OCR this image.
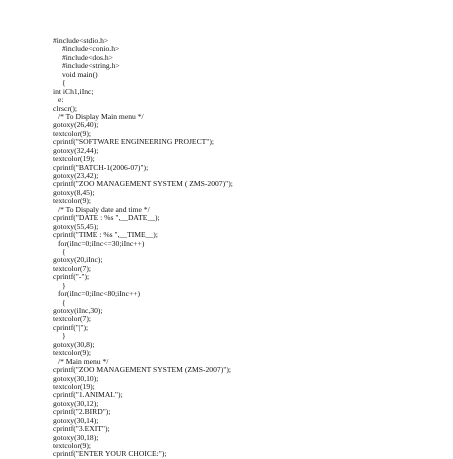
#include<stdio.h>
#include<conio.h>
#include<dos.h>
#include<string.h>
void main()
{
int iCh1,iInc;
e:
clrscr();
/* To Display Main menu */
gotoxy(26,40);
textcolor(9);
cprintf("SOFTWARE ENGINEERING PROJECT");
gotoxy(32,44);
textcolor(19);
cprintf("BATCH-1(2006-07)");
gotoxy(23,42);
cprintf("ZOO MANAGEMENT SYSTEM ( ZMS-2007)");
gotoxy(8,45);
textcolor(9);
/* To Dispaly date and time */
cprintf("DATE : %s ",__DATE__);
gotoxy(55,45);
cprintf("TIME : %s ",__TIME__);
for(iInc=0;iInc<=30;iInc++)
{
gotoxy(20,iInc);
textcolor(7);
cprintf("-");
}
for(iInc=0;iInc<80;iInc++)
{
gotoxy(iInc,30);
textcolor(7);
cprintf("|");
}
gotoxy(30,8);
textcolor(9);
/* Main menu */
cprintf("ZOO MANAGEMENT SYSTEM (ZMS-2007)");
gotoxy(30,10);
textcolor(19);
cprintf("1.ANIMAL");
gotoxy(30,12);
cprintf("2.BIRD");
gotoxy(30,14);
cprintf("3.EXIT");
gotoxy(30,18);
textcolor(9);
cprintf("ENTER YOUR CHOICE:");
